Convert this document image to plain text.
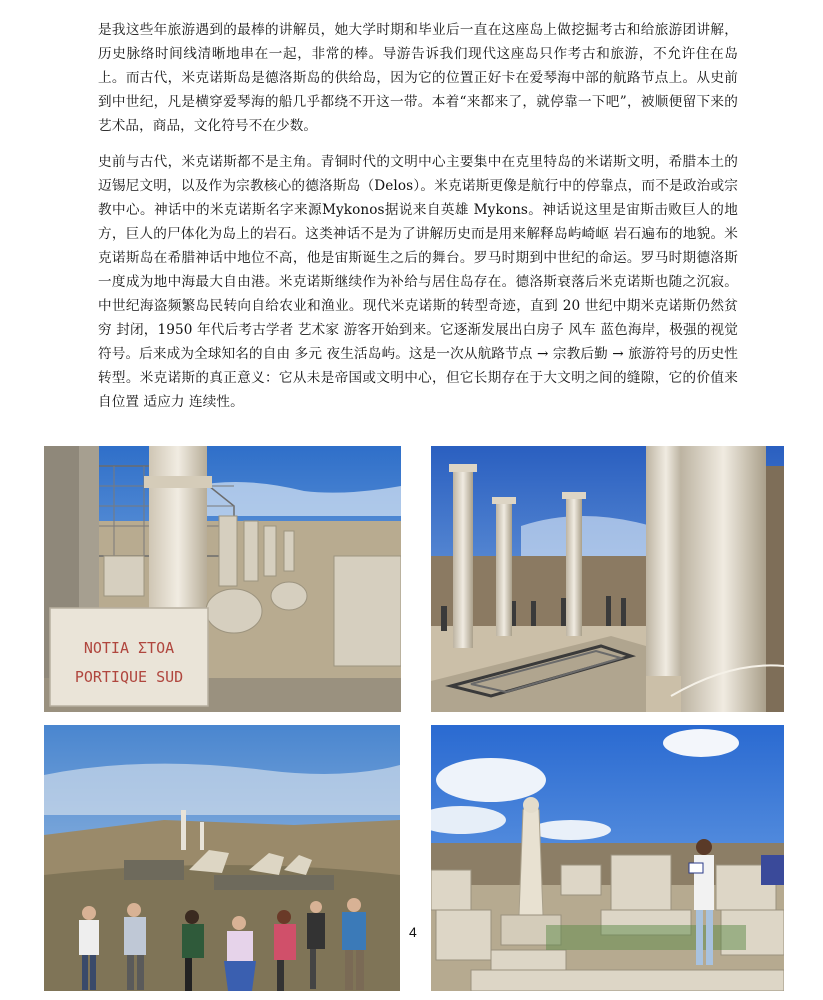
是我这些年旅游遇到的最棒的讲解员，她大学时期和毕业后一直在这座岛上做挖掘考古和给旅游团讲解，历史脉络时间线清晰地串在一起，非常的棒。导游告诉我们现代这座岛只作考古和旅游，不允许住在岛上。而古代，米克诺斯岛是德洛斯岛的供给岛，因为它的位置正好卡在爱琴海中部的航路节点上。从史前到中世纪，凡是横穿爱琴海的船几乎都绕不开这一带。本着“来都来了，就停靠一下吧”，被顺便留下来的艺术品，商品，文化符号不在少数。

史前与古代，米克诺斯都不是主角。青铜时代的文明中心主要集中在克里特岛的米诺斯文明，希腊本土的迈锡尼文明，以及作为宗教核心的德洛斯岛（Delos）。米克诺斯更像是航行中的停靠点，而不是政治或宗教中心。神话中的米克诺斯名字来源Mykonos据说来自英雄 Mykons。神话说这里是宙斯击败巨人的地方，巨人的尸体化为岛上的岩石。这类神话不是为了讲解历史而是用来解释岛屿崎岖 岩石遍布的地貌。米克诺斯岛在希腊神话中地位不高，他是宙斯诞生之后的舞台。罗马时期到中世纪的命运。罗马时期德洛斯一度成为地中海最大自由港。米克诺斯继续作为补给与居住岛存在。德洛斯衰落后米克诺斯也随之沉寂。中世纪海盗频繁岛民转向自给农业和渔业。现代米克诺斯的转型奇迹，直到 20 世纪中期米克诺斯仍然贫穷 封闭，1950 年代后考古学者 艺术家 游客开始到来。它逐渐发展出白房子 风车 蓝色海岸，极强的视觉符号。后来成为全球知名的自由 多元 夜生活岛屿。这是一次从航路节点 → 宗教后勤 → 旅游符号的历史性转型。米克诺斯的真正意义：它从未是帝国或文明中心，但它长期存在于大文明之间的缝隙，它的价值来自位置 适应力 连续性。

NOTIA ΣΤΟΑ
PORTIQUE SUD
4
